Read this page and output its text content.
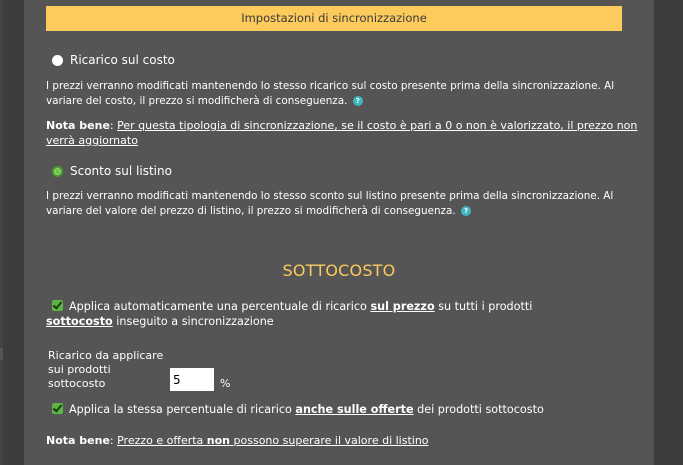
Impostazioni di sincronizzazione
Ricarico sul costo
I prezzi verranno modificati mantenendo lo stesso ricarico sul costo presente prima della sincronizzazione. Al variare del costo, il prezzo si modificherà di conseguenza. ?
Nota bene: Per questa tipologia di sincronizzazione, se il costo è pari a 0 o non è valorizzato, il prezzo non verrà aggiornato
Sconto sul listino
I prezzi verranno modificati mantenendo lo stesso sconto sul listino presente prima della sincronizzazione. Al variare del valore del prezzo di listino, il prezzo si modificherà di conseguenza. ?
SOTTOCOSTO
Applica automaticamente una percentuale di ricarico sul prezzo su tutti i prodotti
sottocosto inseguito a sincronizzazione
Ricarico da applicare sui prodotti sottocosto
5	%
Applica la stessa percentuale di ricarico anche sulle offerte dei prodotti sottocosto
Nota bene: Prezzo e offerta non possono superare il valore di listino
